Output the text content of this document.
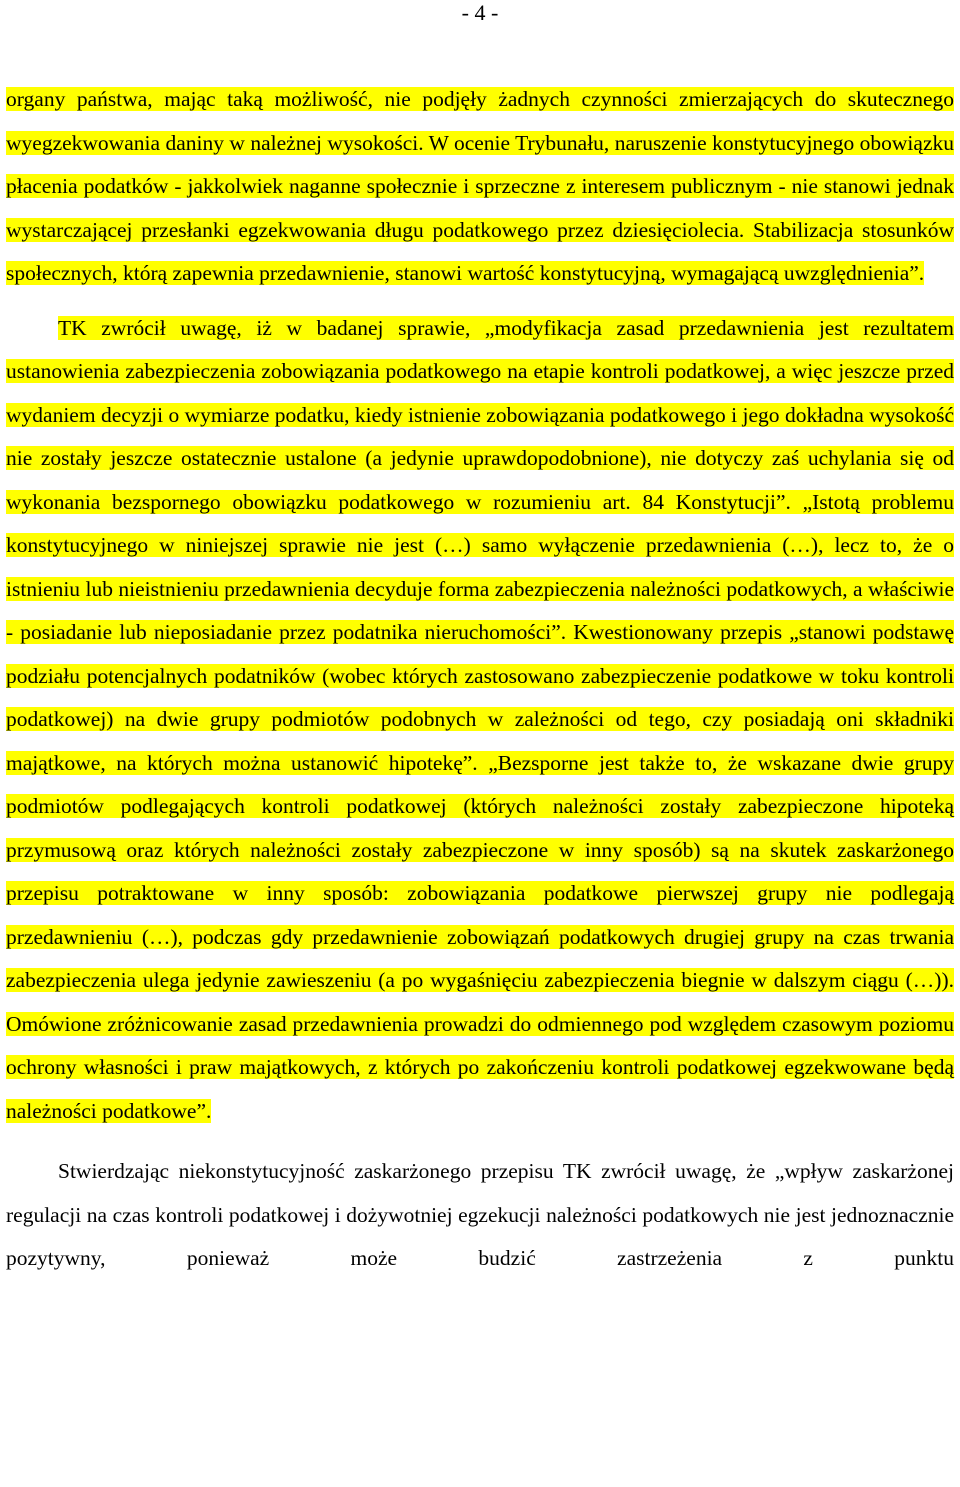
- 4 -

organy państwa, mając taką możliwość, nie podjęły żadnych czynności zmierzających do skutecznego wyegzekwowania daniny w należnej wysokości. W ocenie Trybunału, naruszenie konstytucyjnego obowiązku płacenia podatków - jakkolwiek naganne społecznie i sprzeczne z interesem publicznym - nie stanowi jednak wystarczającej przesłanki egzekwowania długu podatkowego przez dziesięciolecia. Stabilizacja stosunków społecznych, którą zapewnia przedawnienie, stanowi wartość konstytucyjną, wymagającą uwzględnienia”.

TK zwrócił uwagę, iż w badanej sprawie, „modyfikacja zasad przedawnienia jest rezultatem ustanowienia zabezpieczenia zobowiązania podatkowego na etapie kontroli podatkowej, a więc jeszcze przed wydaniem decyzji o wymiarze podatku, kiedy istnienie zobowiązania podatkowego i jego dokładna wysokość nie zostały jeszcze ostatecznie ustalone (a jedynie uprawdopodobnione), nie dotyczy zaś uchylania się od wykonania bezspornego obowiązku podatkowego w rozumieniu art. 84 Konstytucji”. „Istotą problemu konstytucyjnego w niniejszej sprawie nie jest (…) samo wyłączenie przedawnienia (…), lecz to, że o istnieniu lub nieistnieniu przedawnienia decyduje forma zabezpieczenia należności podatkowych, a właściwie - posiadanie lub nieposiadanie przez podatnika nieruchomości”. Kwestionowany przepis „stanowi podstawę podziału potencjalnych podatników (wobec których zastosowano zabezpieczenie podatkowe w toku kontroli podatkowej) na dwie grupy podmiotów podobnych w zależności od tego, czy posiadają oni składniki majątkowe, na których można ustanowić hipotekę”. „Bezsporne jest także to, że wskazane dwie grupy podmiotów podlegających kontroli podatkowej (których należności zostały zabezpieczone hipoteką przymusową oraz których należności zostały zabezpieczone w inny sposób) są na skutek zaskarżonego przepisu potraktowane w inny sposób: zobowiązania podatkowe pierwszej grupy nie podlegają przedawnieniu (…), podczas gdy przedawnienie zobowiązań podatkowych drugiej grupy na czas trwania zabezpieczenia ulega jedynie zawieszeniu (a po wygaśnięciu zabezpieczenia biegnie w dalszym ciągu (…)). Omówione zróżnicowanie zasad przedawnienia prowadzi do odmiennego pod względem czasowym poziomu ochrony własności i praw majątkowych, z których po zakończeniu kontroli podatkowej egzekwowane będą należności podatkowe”.

Stwierdzając niekonstytucyjność zaskarżonego przepisu TK zwrócił uwagę, że „wpływ zaskarżonej regulacji na czas kontroli podatkowej i dożywotniej egzekucji należności podatkowych nie jest jednoznacznie pozytywny, ponieważ może budzić zastrzeżenia z punktu
